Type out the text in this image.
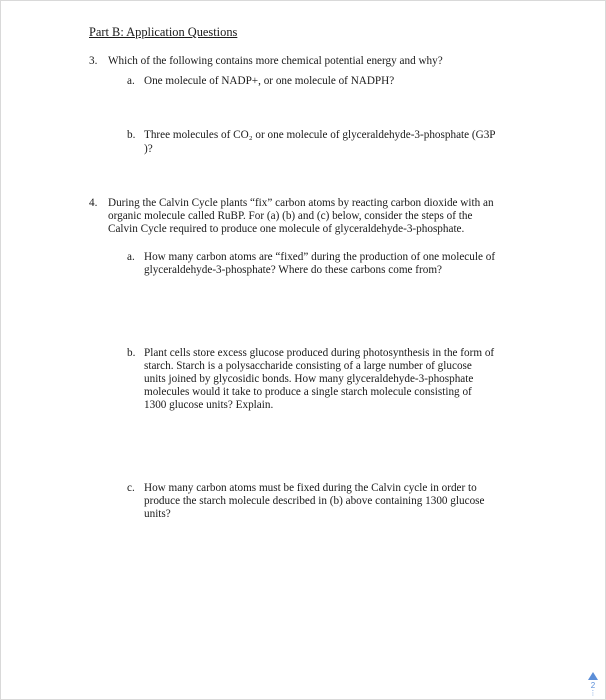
Part B: Application Questions
3. Which of the following contains more chemical potential energy and why?
a. One molecule of NADP+, or one molecule of NADPH?
b. Three molecules of CO₂ or one molecule of glyceraldehyde-3-phosphate (G3P
)?
4. During the Calvin Cycle plants “fix” carbon atoms by reacting carbon dioxide with an
organic molecule called RuBP. For (a) (b) and (c) below, consider the steps of the
Calvin Cycle required to produce one molecule of glyceraldehyde-3-phosphate.
a. How many carbon atoms are “fixed” during the production of one molecule of
glyceraldehyde-3-phosphate? Where do these carbons come from?
b. Plant cells store excess glucose produced during photosynthesis in the form of
starch. Starch is a polysaccharide consisting of a large number of glucose
units joined by glycosidic bonds. How many glyceraldehyde-3-phosphate
molecules would it take to produce a single starch molecule consisting of
1300 glucose units? Explain.
c. How many carbon atoms must be fixed during the Calvin cycle in order to
produce the starch molecule described in (b) above containing 1300 glucose
units?
2
⋮
